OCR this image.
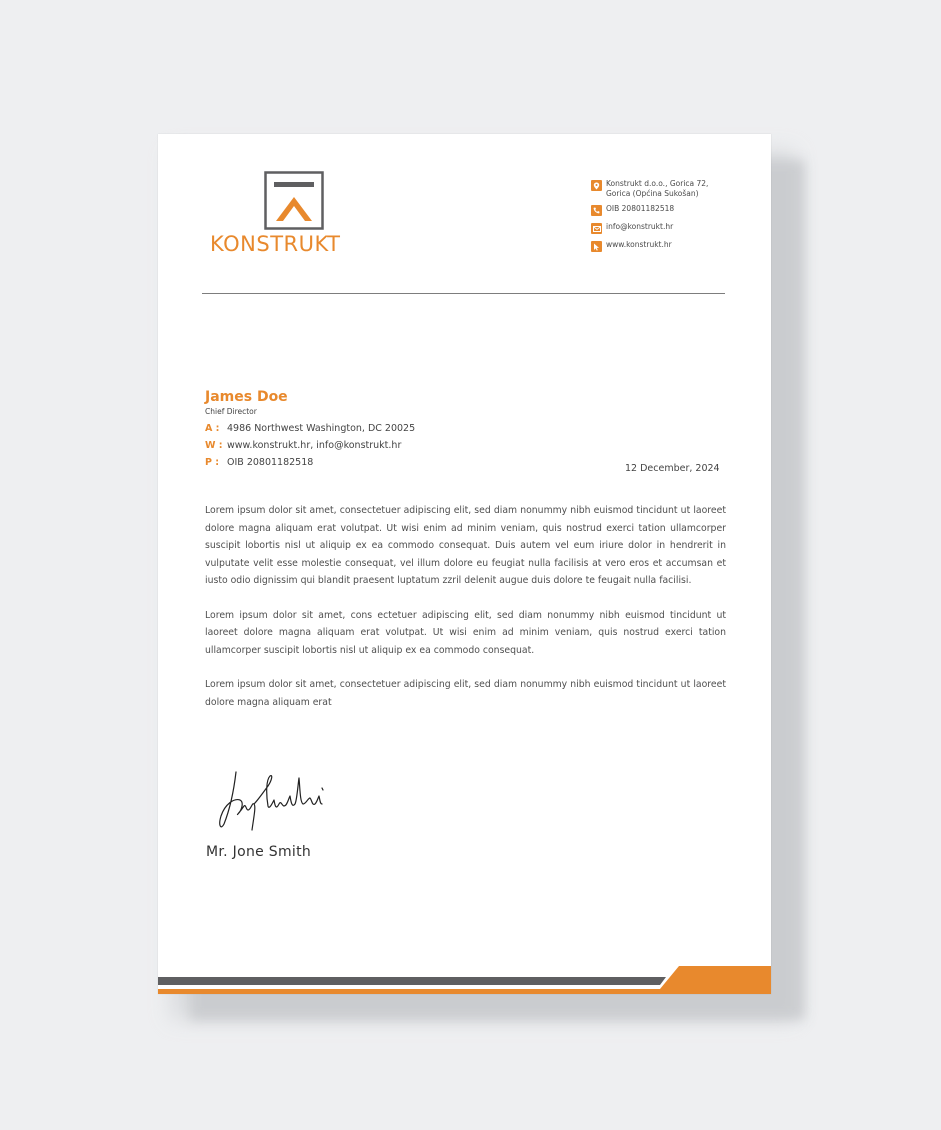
KONSTRUKT
Konstrukt d.o.o., Gorica 72,
Gorica (Općina Sukošan)
OIB 20801182518
info@konstrukt.hr
www.konstrukt.hr
James Doe
Chief Director
A : 4986 Northwest Washington, DC 20025
W : www.konstrukt.hr, info@konstrukt.hr
P : OIB 20801182518
12 December, 2024

Lorem ipsum dolor sit amet, consectetuer adipiscing elit, sed diam nonummy nibh euismod tincidunt ut laoreet dolore magna aliquam erat volutpat. Ut wisi enim ad minim veniam, quis nostrud exerci tation ullamcorper suscipit lobortis nisl ut aliquip ex ea commodo consequat. Duis autem vel eum iriure dolor in hendrerit in vulputate velit esse molestie consequat, vel illum dolore eu feugiat nulla facilisis at vero eros et accumsan et iusto odio dignissim qui blandit praesent luptatum zzril delenit augue duis dolore te feugait nulla facilisi.

Lorem ipsum dolor sit amet, cons ectetuer adipiscing elit, sed diam nonummy nibh euismod tincidunt ut laoreet dolore magna aliquam erat volutpat. Ut wisi enim ad minim veniam, quis nostrud exerci tation ullamcorper suscipit lobortis nisl ut aliquip ex ea commodo consequat.

Lorem ipsum dolor sit amet, consectetuer adipiscing elit, sed diam nonummy nibh euismod tincidunt ut laoreet dolore magna aliquam erat

Mr. Jone Smith
